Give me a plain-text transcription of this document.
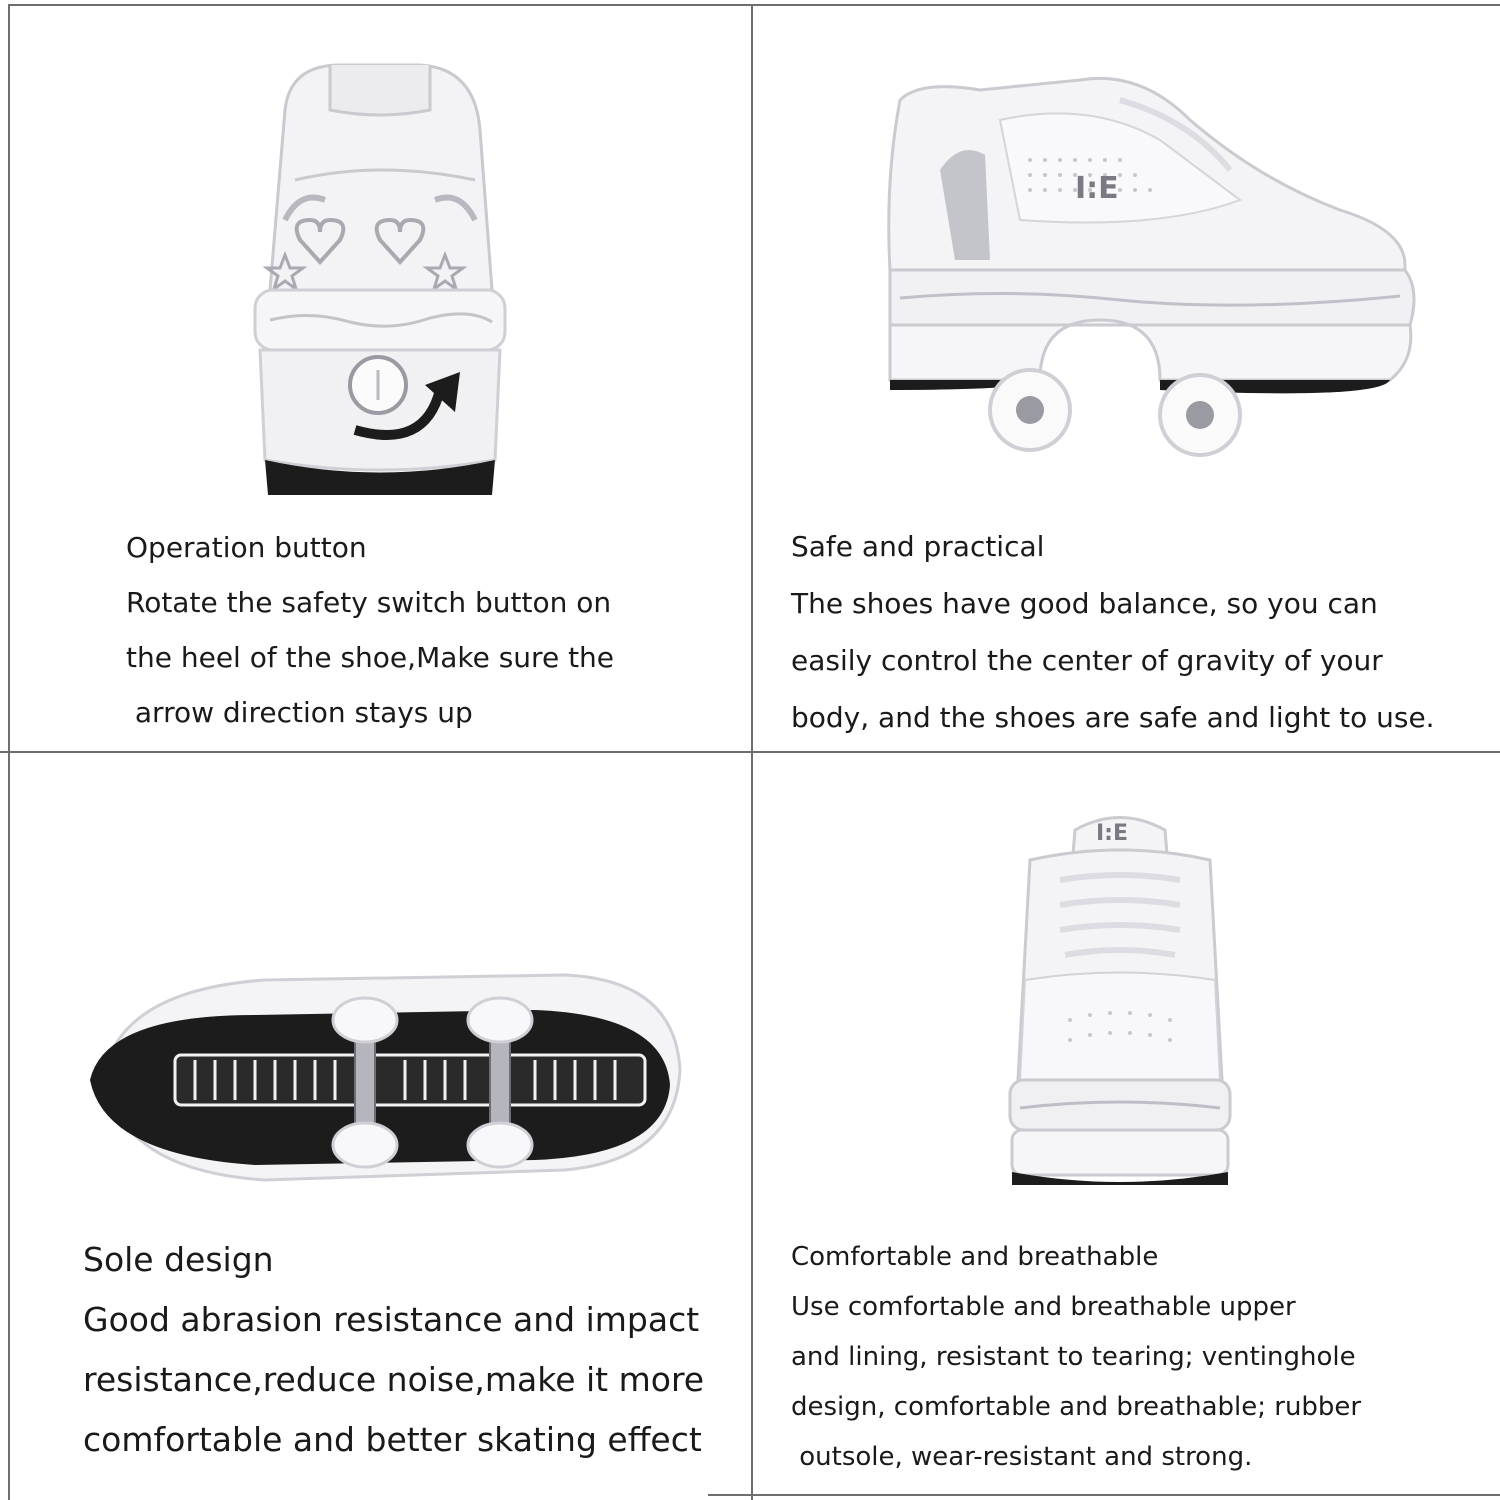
Operation button
Rotate the safety switch button on
the heel of the shoe,Make sure the
arrow direction stays up
I:E
Safe and practical
The shoes have good balance, so you can
easily control the center of gravity of your
body, and the shoes are safe and light to use.
Sole design
Good abrasion resistance and impact
resistance,reduce noise,make it more
comfortable and better skating effect
I:E
Comfortable and breathable
Use comfortable and breathable upper
and lining, resistant to tearing; ventinghole
design, comfortable and breathable; rubber
outsole, wear-resistant and strong.
